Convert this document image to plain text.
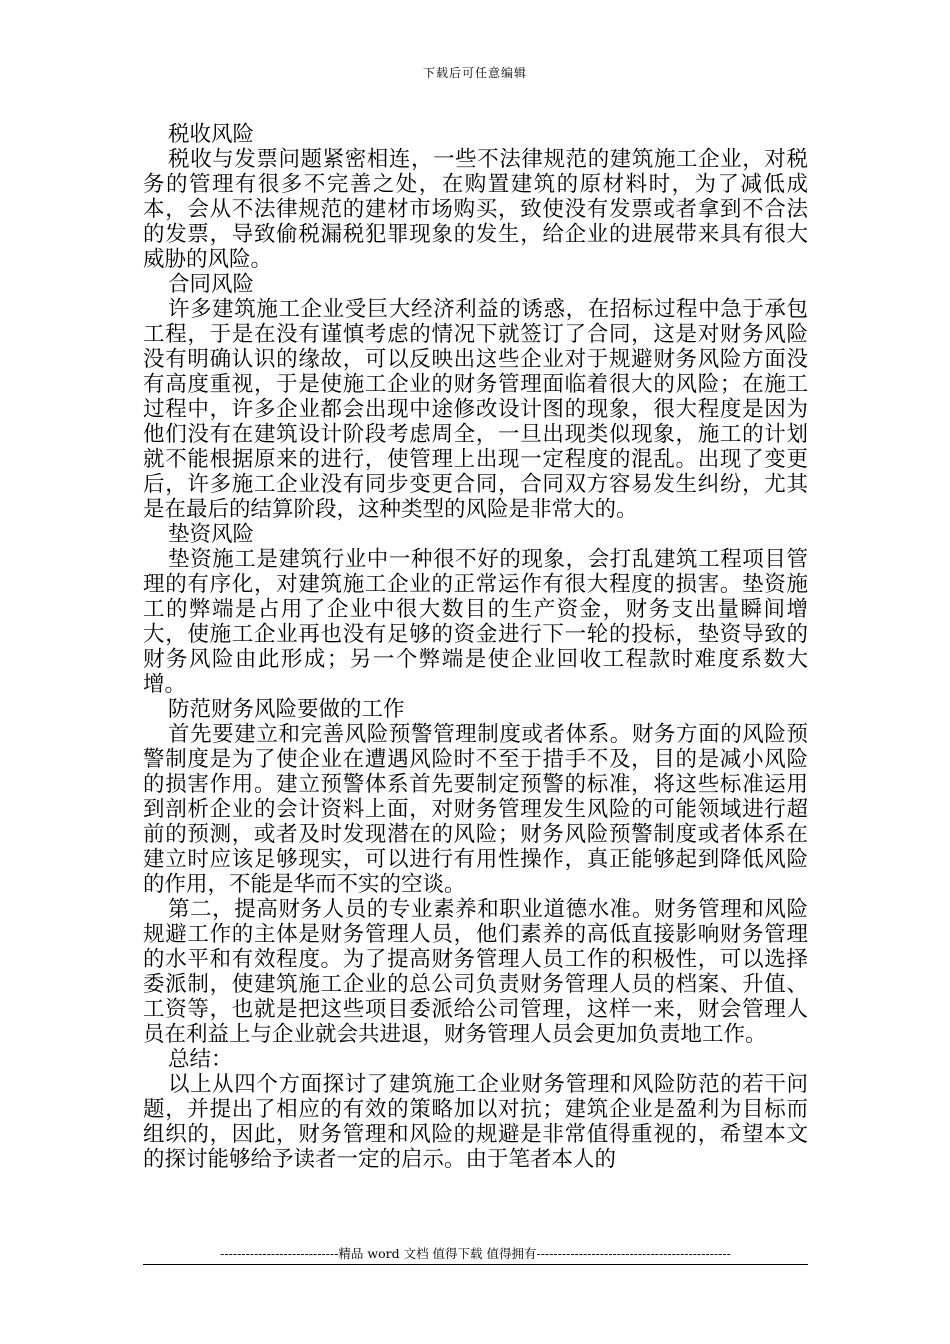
下载后可任意编辑
税收风险

税收与发票问题紧密相连，一些不法律规范的建筑施工企业，对税务的管理有很多不完善之处，在购置建筑的原材料时，为了减低成本，会从不法律规范的建材市场购买，致使没有发票或者拿到不合法的发票，导致偷税漏税犯罪现象的发生，给企业的进展带来具有很大威胁的风险。

合同风险

许多建筑施工企业受巨大经济利益的诱惑，在招标过程中急于承包工程，于是在没有谨慎考虑的情况下就签订了合同，这是对财务风险没有明确认识的缘故，可以反映出这些企业对于规避财务风险方面没有高度重视，于是使施工企业的财务管理面临着很大的风险；在施工过程中，许多企业都会出现中途修改设计图的现象，很大程度是因为他们没有在建筑设计阶段考虑周全，一旦出现类似现象，施工的计划就不能根据原来的进行，使管理上出现一定程度的混乱。出现了变更后，许多施工企业没有同步变更合同，合同双方容易发生纠纷，尤其是在最后的结算阶段，这种类型的风险是非常大的。

垫资风险

垫资施工是建筑行业中一种很不好的现象，会打乱建筑工程项目管理的有序化，对建筑施工企业的正常运作有很大程度的损害。垫资施工的弊端是占用了企业中很大数目的生产资金，财务支出量瞬间增大，使施工企业再也没有足够的资金进行下一轮的投标，垫资导致的财务风险由此形成；另一个弊端是使企业回收工程款时难度系数大增。

防范财务风险要做的工作

首先要建立和完善风险预警管理制度或者体系。财务方面的风险预警制度是为了使企业在遭遇风险时不至于措手不及，目的是减小风险的损害作用。建立预警体系首先要制定预警的标准，将这些标准运用到剖析企业的会计资料上面，对财务管理发生风险的可能领域进行超前的预测，或者及时发现潜在的风险；财务风险预警制度或者体系在建立时应该足够现实，可以进行有用性操作，真正能够起到降低风险的作用，不能是华而不实的空谈。

第二，提高财务人员的专业素养和职业道德水准。财务管理和风险规避工作的主体是财务管理人员，他们素养的高低直接影响财务管理的水平和有效程度。为了提高财务管理人员工作的积极性，可以选择委派制，使建筑施工企业的总公司负责财务管理人员的档案、升值、工资等，也就是把这些项目委派给公司管理，这样一来，财会管理人员在利益上与企业就会共进退，财务管理人员会更加负责地工作。

总结：

以上从四个方面探讨了建筑施工企业财务管理和风险防范的若干问题，并提出了相应的有效的策略加以对抗；建筑企业是盈利为目标而组织的，因此，财务管理和风险的规避是非常值得重视的，希望本文的探讨能够给予读者一定的启示。由于笔者本人的

----------------------------精品 word 文档 值得下载 值得拥有----------------------------------------------
